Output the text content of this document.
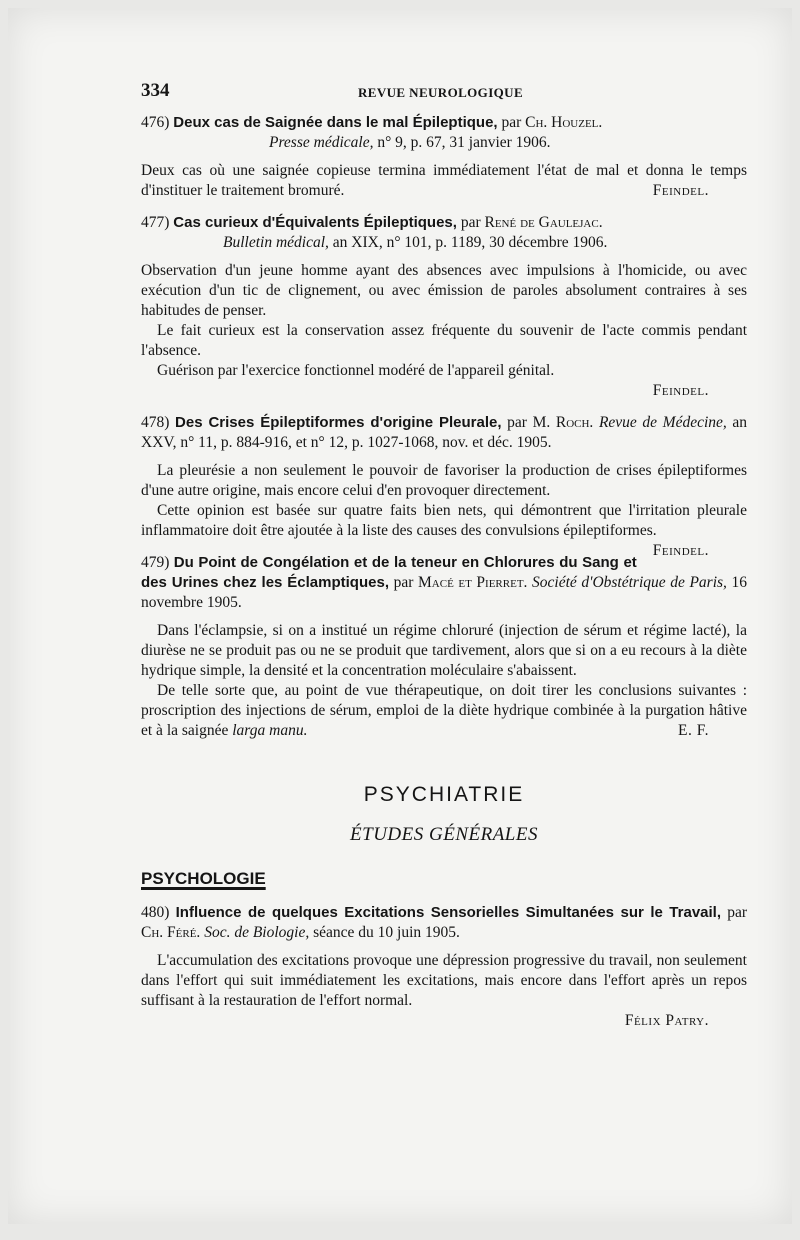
334	REVUE NEUROLOGIQUE
476) Deux cas de Saignée dans le mal Épileptique, par Ch. Houzel.
Presse médicale, n° 9, p. 67, 31 janvier 1906.

Deux cas où une saignée copieuse termina immédiatement l'état de mal et donna le temps d'instituer le traitement bromuré.	Feindel.

477) Cas curieux d'Équivalents Épileptiques, par René de Gaulejac.
Bulletin médical, an XIX, n° 101, p. 1189, 30 décembre 1906.

Observation d'un jeune homme ayant des absences avec impulsions à l'homicide, ou avec exécution d'un tic de clignement, ou avec émission de paroles absolument contraires à ses habitudes de penser.

Le fait curieux est la conservation assez fréquente du souvenir de l'acte commis pendant l'absence.

Guérison par l'exercice fonctionnel modéré de l'appareil génital.

Feindel.
478) Des Crises Épileptiformes d'origine Pleurale, par M. Roch. Revue de Médecine, an XXV, n° 11, p. 884-916, et n° 12, p. 1027-1068, nov. et déc. 1905.

La pleurésie a non seulement le pouvoir de favoriser la production de crises épileptiformes d'une autre origine, mais encore celui d'en provoquer directement.

Cette opinion est basée sur quatre faits bien nets, qui démontrent que l'irritation pleurale inflammatoire doit être ajoutée à la liste des causes des convulsions épileptiformes.
Feindel.

479) Du Point de Congélation et de la teneur en Chlorures du Sang et des Urines chez les Éclamptiques, par Macé et Pierret. Société d'Obstétrique de Paris, 16 novembre 1905.

Dans l'éclampsie, si on a institué un régime chloruré (injection de sérum et régime lacté), la diurèse ne se produit pas ou ne se produit que tardivement, alors que si on a eu recours à la diète hydrique simple, la densité et la concentration moléculaire s'abaissent.

De telle sorte que, au point de vue thérapeutique, on doit tirer les conclusions suivantes : proscription des injections de sérum, emploi de la diète hydrique combinée à la purgation hâtive et à la saignée larga manu.	E. F.

PSYCHIATRIE
ÉTUDES GÉNÉRALES
PSYCHOLOGIE
480) Influence de quelques Excitations Sensorielles Simultanées sur le Travail, par Ch. Féré. Soc. de Biologie, séance du 10 juin 1905.

L'accumulation des excitations provoque une dépression progressive du travail, non seulement dans l'effort qui suit immédiatement les excitations, mais encore dans l'effort après un repos suffisant à la restauration de l'effort normal.

Félix Patry.
